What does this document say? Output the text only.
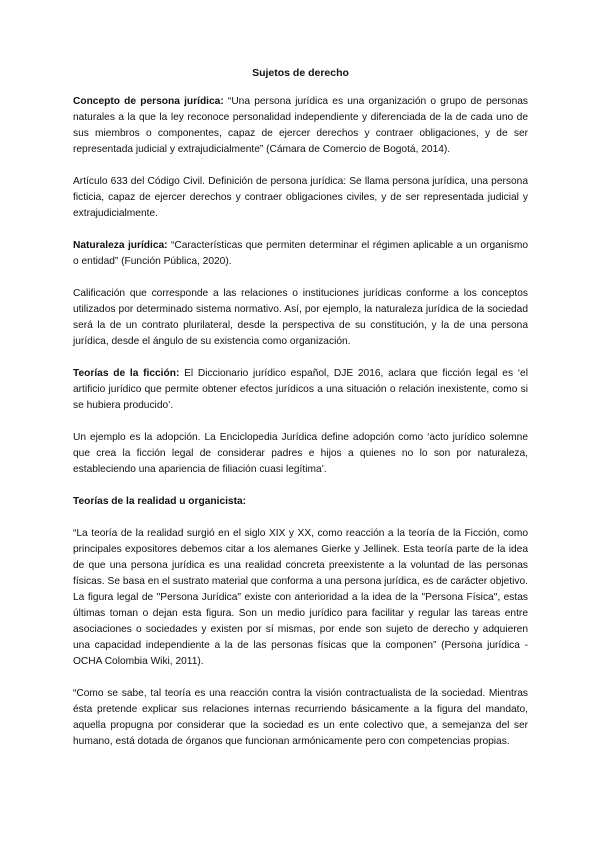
Sujetos de derecho

Concepto de persona jurídica: “Una persona jurídica es una organización o grupo de personas naturales a la que la ley reconoce personalidad independiente y diferenciada de la de cada uno de sus miembros o componentes, capaz de ejercer derechos y contraer obligaciones, y de ser representada judicial y extrajudicialmente” (Cámara de Comercio de Bogotá, 2014).

Artículo 633 del Código Civil. Definición de persona jurídica: Se llama persona jurídica, una persona ficticia, capaz de ejercer derechos y contraer obligaciones civiles, y de ser representada judicial y extrajudicialmente.

Naturaleza jurídica: “Características que permiten determinar el régimen aplicable a un organismo o entidad” (Función Pública, 2020).

Calificación que corresponde a las relaciones o instituciones jurídicas conforme a los conceptos utilizados por determinado sistema normativo. Así, por ejemplo, la naturaleza jurídica de la sociedad será la de un contrato plurilateral, desde la perspectiva de su constitución, y la de una persona jurídica, desde el ángulo de su existencia como organización.

Teorías de la ficción: El Diccionario jurídico español, DJE 2016, aclara que ficción legal es ‘el artificio jurídico que permite obtener efectos jurídicos a una situación o relación inexistente, como si se hubiera producido’.

Un ejemplo es la adopción. La Enciclopedia Jurídica define adopción como ‘acto jurídico solemne que crea la ficción legal de considerar padres e hijos a quienes no lo son por naturaleza, estableciendo una apariencia de filiación cuasi legítima’.

Teorías de la realidad u organicista:

“La teoría de la realidad surgió en el siglo XIX y XX, como reacción a la teoría de la Ficción, como principales expositores debemos citar a los alemanes Gierke y Jellinek. Esta teoría parte de la idea de que una persona jurídica es una realidad concreta preexistente a la voluntad de las personas físicas. Se basa en el sustrato material que conforma a una persona jurídica, es de carácter objetivo. La figura legal de "Persona Jurídica" existe con anterioridad a la idea de la "Persona Física", estas últimas toman o dejan esta figura. Son un medio jurídico para facilitar y regular las tareas entre asociaciones o sociedades y existen por sí mismas, por ende son sujeto de derecho y adquieren una capacidad independiente a la de las personas físicas que la componen” (Persona jurídica - OCHA Colombia Wiki, 2011).

“Como se sabe, tal teoría es una reacción contra la visión contractualista de la sociedad. Mientras ésta pretende explicar sus relaciones internas recurriendo básicamente a la figura del mandato, aquella propugna por considerar que la sociedad es un ente colectivo que, a semejanza del ser humano, está dotada de órganos que funcionan armónicamente pero con competencias propias.
